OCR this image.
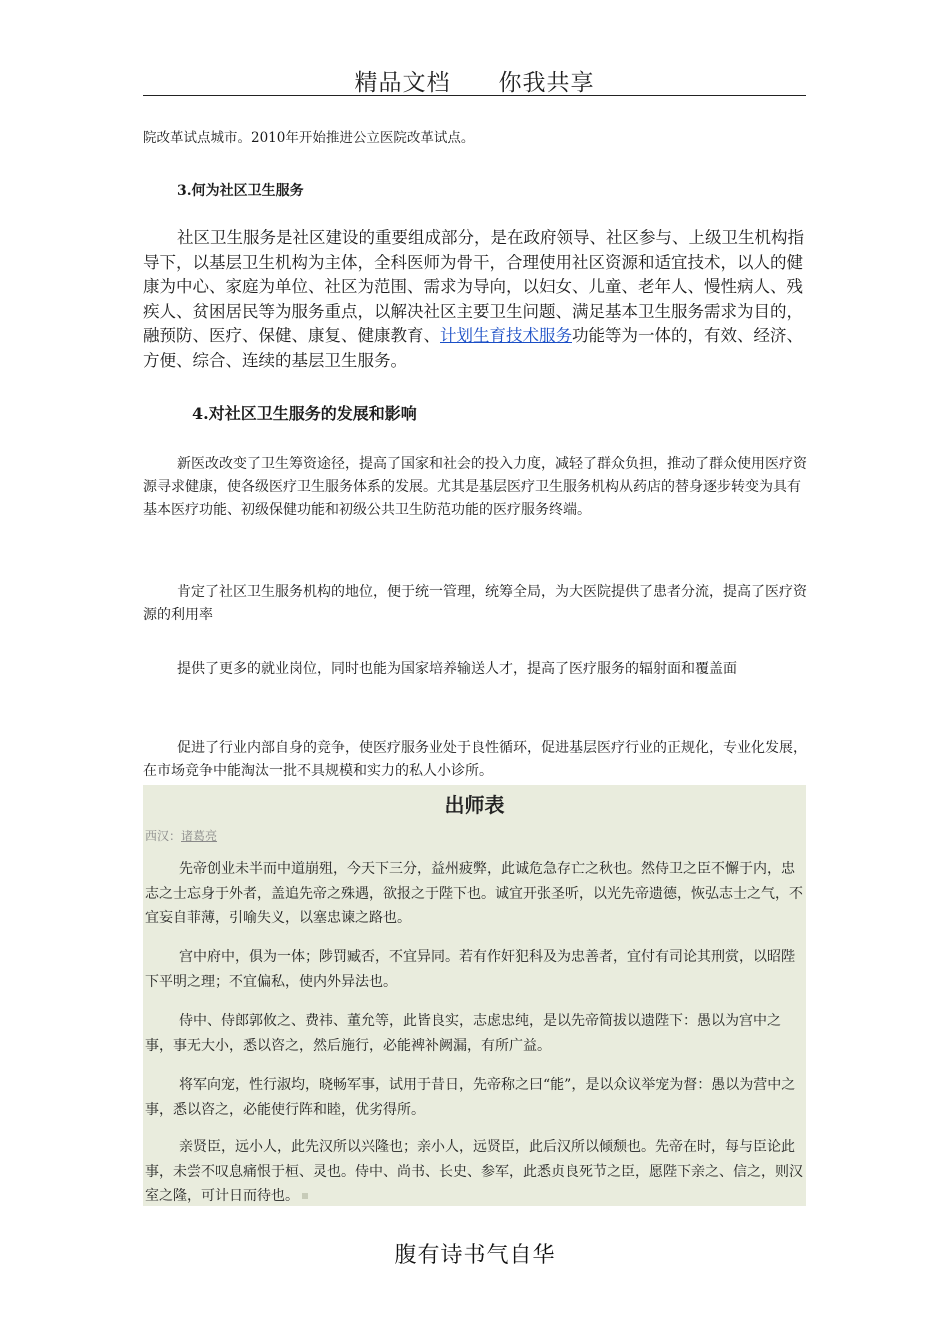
精品文档 你我共享
院改革试点城市。2010年开始推进公立医院改革试点。
3.何为社区卫生服务
社区卫生服务是社区建设的重要组成部分，是在政府领导、社区参与、上级卫生机构指导下，以基层卫生机构为主体，全科医师为骨干，合理使用社区资源和适宜技术，以人的健康为中心、家庭为单位、社区为范围、需求为导向，以妇女、儿童、老年人、慢性病人、残疾人、贫困居民等为服务重点，以解决社区主要卫生问题、满足基本卫生服务需求为目的，融预防、医疗、保健、康复、健康教育、计划生育技术服务功能等为一体的，有效、经济、方便、综合、连续的基层卫生服务。
4.对社区卫生服务的发展和影响
新医改改变了卫生筹资途径，提高了国家和社会的投入力度，减轻了群众负担，推动了群众使用医疗资源寻求健康，使各级医疗卫生服务体系的发展。尤其是基层医疗卫生服务机构从药店的替身逐步转变为具有基本医疗功能、初级保健功能和初级公共卫生防范功能的医疗服务终端。
肯定了社区卫生服务机构的地位，便于统一管理，统筹全局，为大医院提供了患者分流，提高了医疗资源的利用率
提供了更多的就业岗位，同时也能为国家培养输送人才，提高了医疗服务的辐射面和覆盖面
促进了行业内部自身的竞争，使医疗服务业处于良性循环，促进基层医疗行业的正规化，专业化发展，在市场竞争中能淘汰一批不具规模和实力的私人小诊所。
出师表
西汉：诸葛亮
先帝创业未半而中道崩殂，今天下三分，益州疲弊，此诚危急存亡之秋也。然侍卫之臣不懈于内，忠志之士忘身于外者，盖追先帝之殊遇，欲报之于陛下也。诚宜开张圣听，以光先帝遗德，恢弘志士之气，不宜妄自菲薄，引喻失义，以塞忠谏之路也。
宫中府中，俱为一体；陟罚臧否，不宜异同。若有作奸犯科及为忠善者，宜付有司论其刑赏，以昭陛下平明之理；不宜偏私，使内外异法也。
侍中、侍郎郭攸之、费祎、董允等，此皆良实，志虑忠纯，是以先帝简拔以遗陛下：愚以为宫中之事，事无大小，悉以咨之，然后施行，必能裨补阙漏，有所广益。
将军向宠，性行淑均，晓畅军事，试用于昔日，先帝称之曰“能”，是以众议举宠为督：愚以为营中之事，悉以咨之，必能使行阵和睦，优劣得所。
亲贤臣，远小人，此先汉所以兴隆也；亲小人，远贤臣，此后汉所以倾颓也。先帝在时，每与臣论此事，未尝不叹息痛恨于桓、灵也。侍中、尚书、长史、参军，此悉贞良死节之臣，愿陛下亲之、信之，则汉室之隆，可计日而待也。
腹有诗书气自华
